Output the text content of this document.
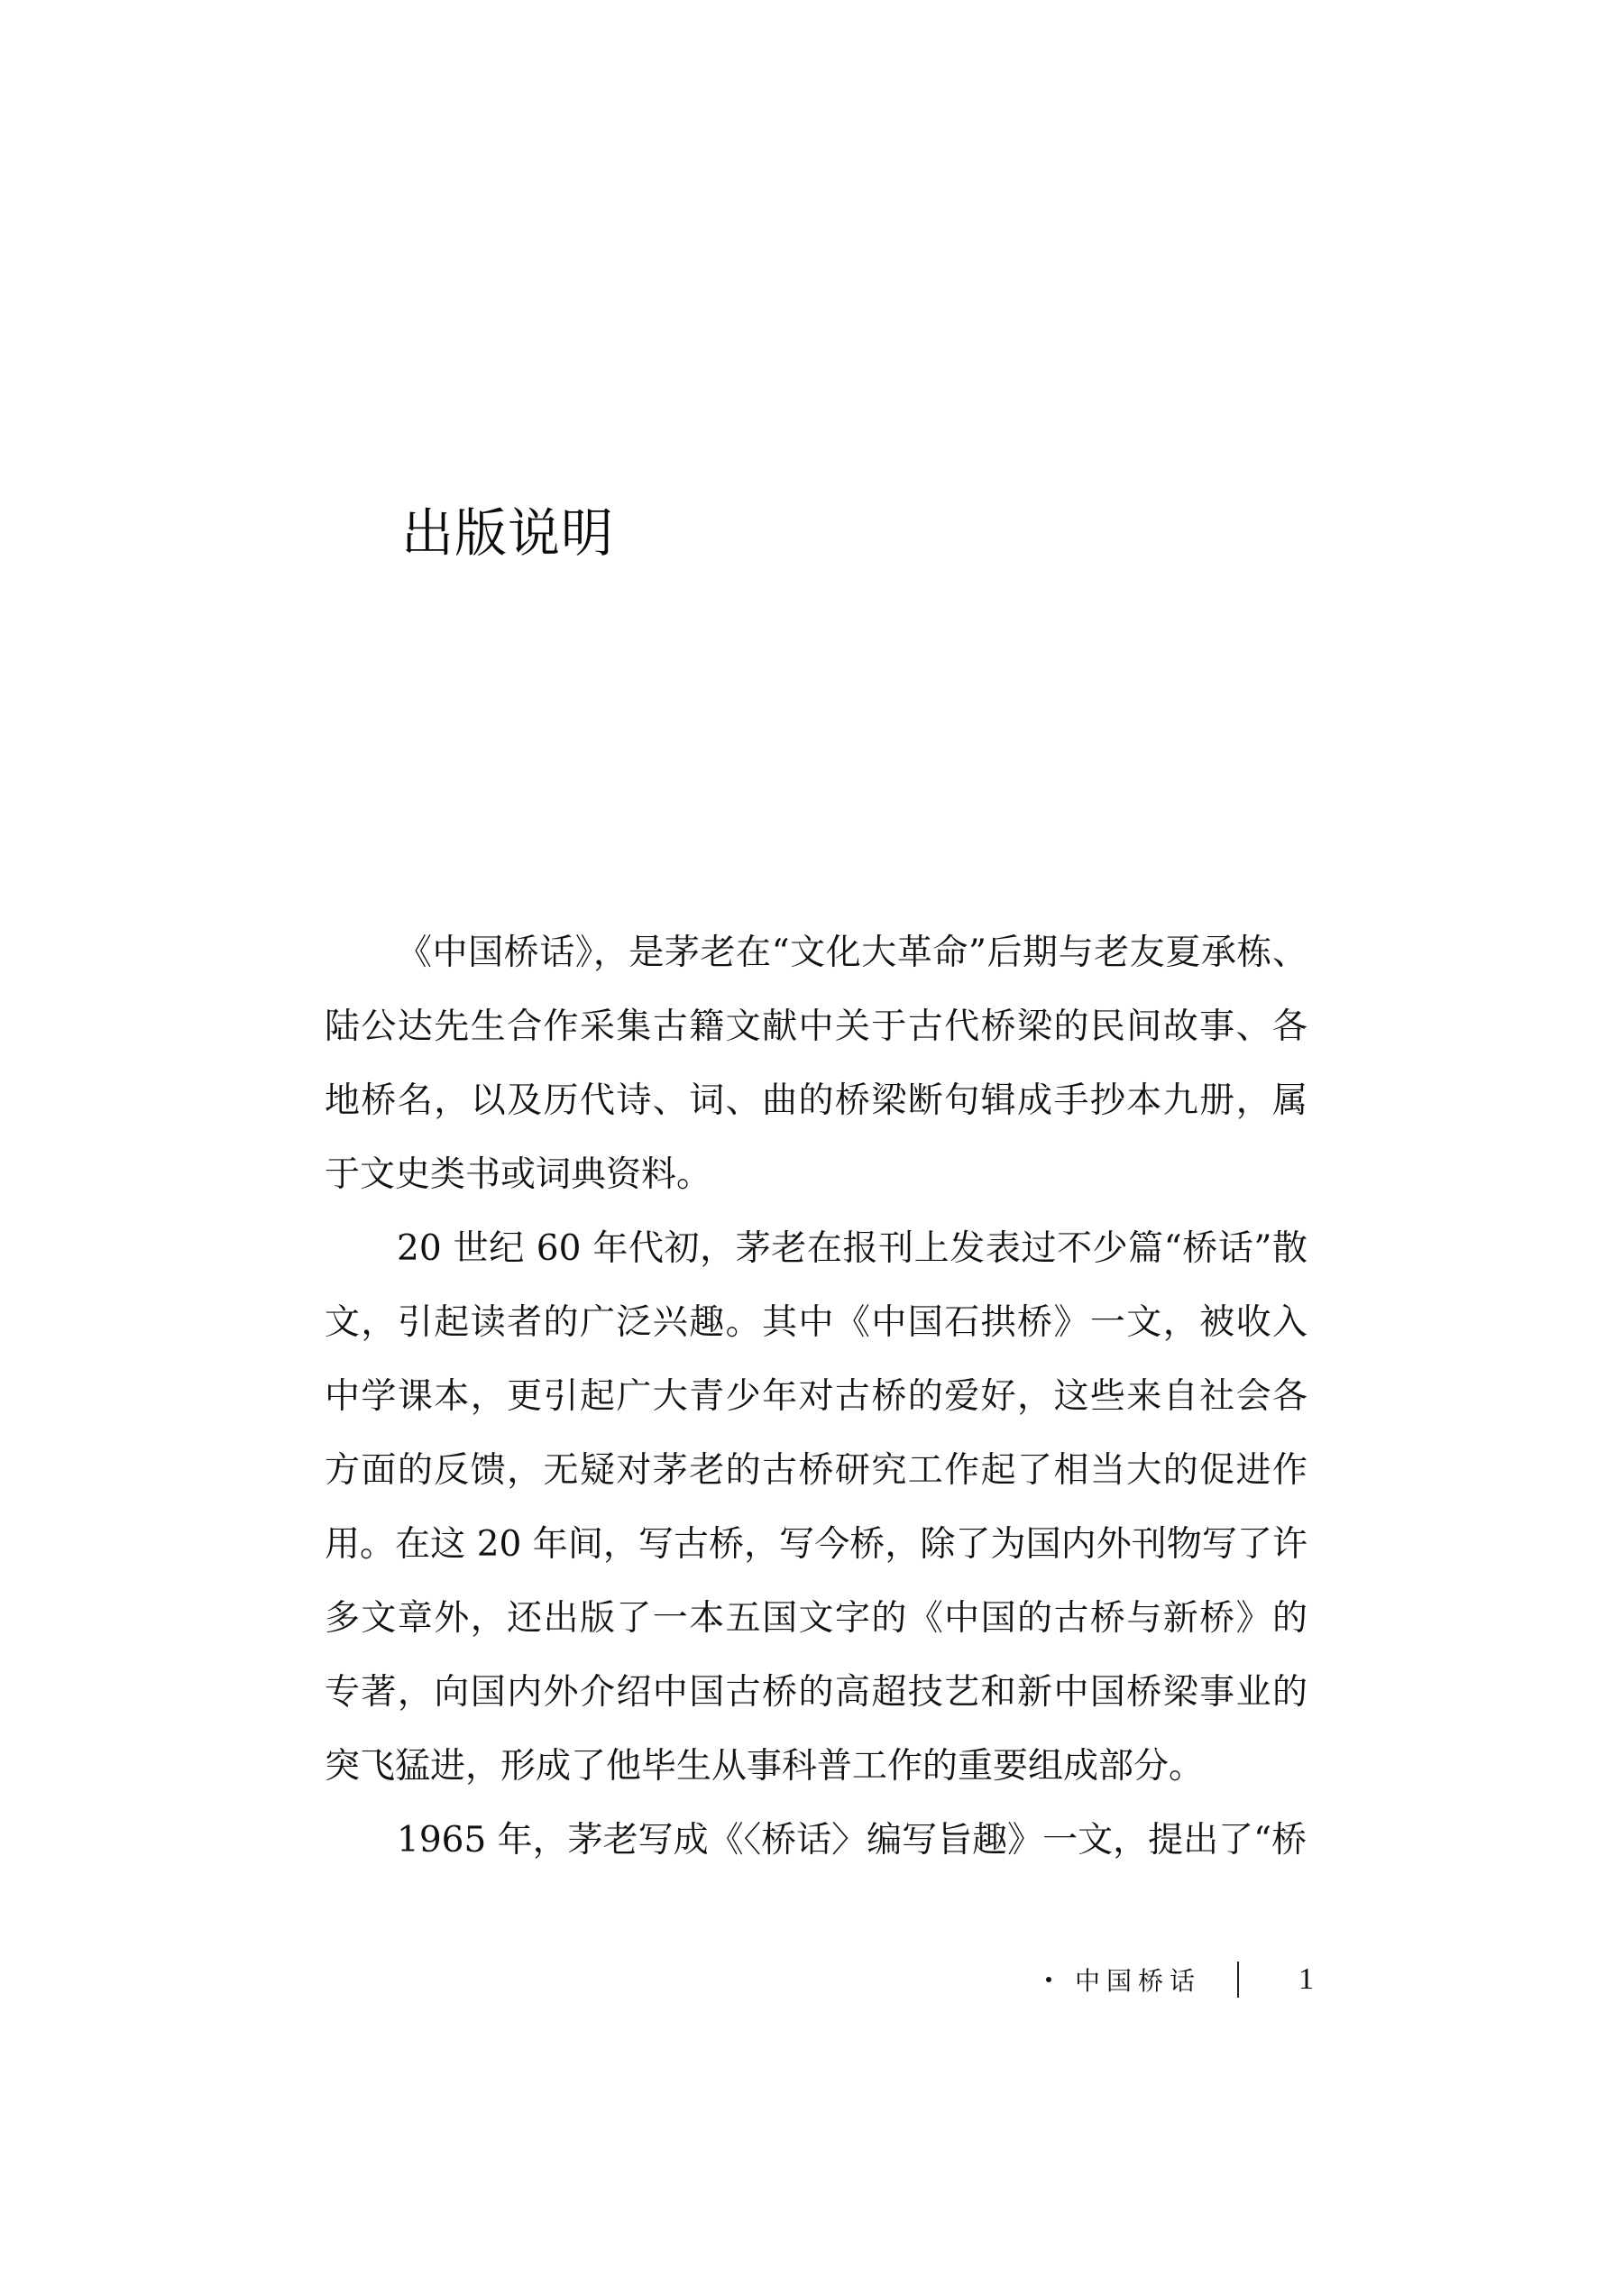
出版说明

《中国桥话》，是茅老在“文化大革命”后期与老友夏承栋、陆公达先生合作采集古籍文献中关于古代桥梁的民间故事、各地桥名，以及历代诗、词、曲的桥梁断句辑成手抄本九册，属于文史类书或词典资料。

20 世纪 60 年代初，茅老在报刊上发表过不少篇“桥话”散文，引起读者的广泛兴趣。其中《中国石拱桥》一文，被收入中学课本，更引起广大青少年对古桥的爱好，这些来自社会各方面的反馈，无疑对茅老的古桥研究工作起了相当大的促进作用。在这 20 年间，写古桥，写今桥，除了为国内外刊物写了许多文章外，还出版了一本五国文字的《中国的古桥与新桥》的专著，向国内外介绍中国古桥的高超技艺和新中国桥梁事业的突飞猛进，形成了他毕生从事科普工作的重要组成部分。

1965 年，茅老写成《〈桥话〉编写旨趣》一文，提出了“桥

中国桥话	1
